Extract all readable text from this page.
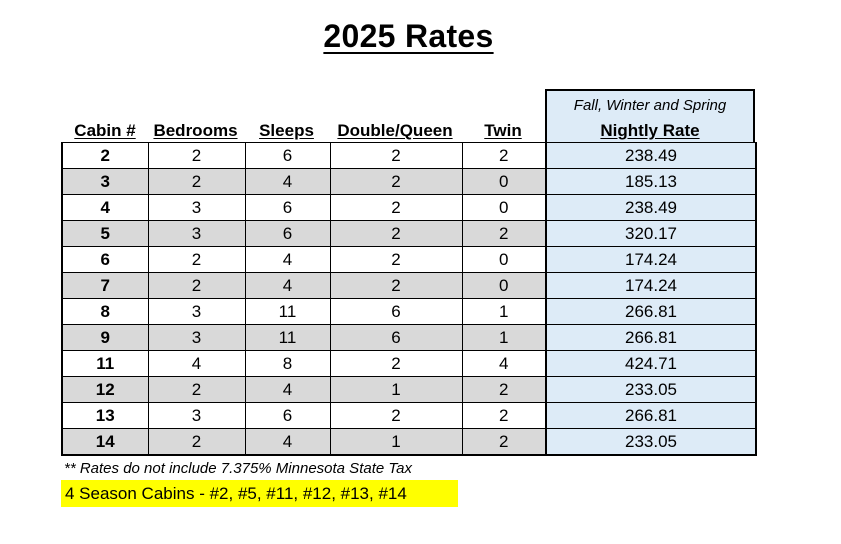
2025 Rates
Fall, Winter and Spring
Cabin #	Bedrooms	Sleeps	Double/Queen	Twin	Nightly Rate
2	2	6	2	2	238.49
3	2	4	2	0	185.13
4	3	6	2	0	238.49
5	3	6	2	2	320.17
6	2	4	2	0	174.24
7	2	4	2	0	174.24
8	3	11	6	1	266.81
9	3	11	6	1	266.81
11	4	8	2	4	424.71
12	2	4	1	2	233.05
13	3	6	2	2	266.81
14	2	4	1	2	233.05
** Rates do not include 7.375% Minnesota State Tax
4 Season Cabins - #2, #5, #11, #12, #13, #14
